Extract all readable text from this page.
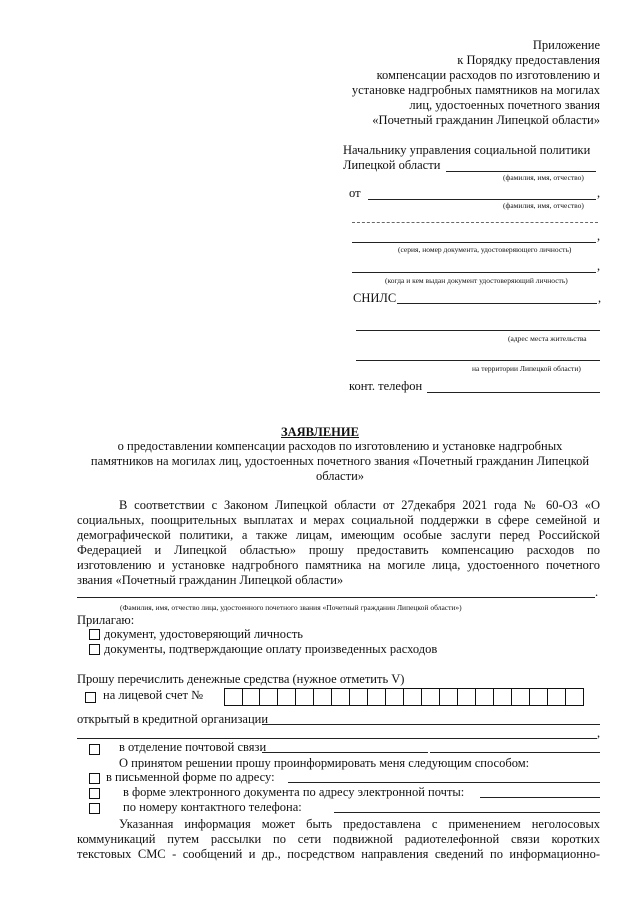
Приложение
к Порядку предоставления
компенсации расходов по изготовлению и
установке надгробных памятников на могилах
лиц, удостоенных почетного звания
«Почетный гражданин Липецкой области»
Начальнику управления социальной политики
Липецкой области
(фамилия, имя, отчество)
от	,
(фамилия, имя, отчество)
,
(серия, номер документа, удостоверяющего личность)
,
(когда и кем выдан документ удостоверяющий личность)
СНИЛС	,
(адрес места жительства
на территории Липецкой области)
конт. телефон
ЗАЯВЛЕНИЕ
о предоставлении компенсации расходов по изготовлению и установке надгробных
памятников на могилах лиц, удостоенных почетного звания «Почетный гражданин Липецкой
области»
В соответствии с Законом Липецкой области от 27декабря 2021 года № 60-ОЗ «О
социальных, поощрительных выплатах и мерах социальной поддержки в сфере семейной и
демографической политики, а также лицам, имеющим особые заслуги перед Российской
Федерацией и Липецкой областью» прошу предоставить компенсацию расходов по
изготовлению и установке надгробного памятника на могиле лица, удостоенного почетного
звания «Почетный гражданин Липецкой области»
.
(Фамилия, имя, отчество лица, удостоенного почетного звания «Почетный гражданин Липецкой области»)
Прилагаю:
документ, удостоверяющий личность
документы, подтверждающие оплату произведенных расходов
Прошу перечислить денежные средства (нужное отметить V)
на лицевой счет №
открытый в кредитной организации
,
в отделение почтовой связи
О принятом решении прошу проинформировать меня следующим способом:
в письменной форме по адресу:
в форме электронного документа по адресу электронной почты:
по номеру контактного телефона:
Указанная информация может быть предоставлена с применением неголосовых
коммуникаций путем рассылки по сети подвижной радиотелефонной связи коротких
текстовых СМС - сообщений и др., посредством направления сведений по информационно-
